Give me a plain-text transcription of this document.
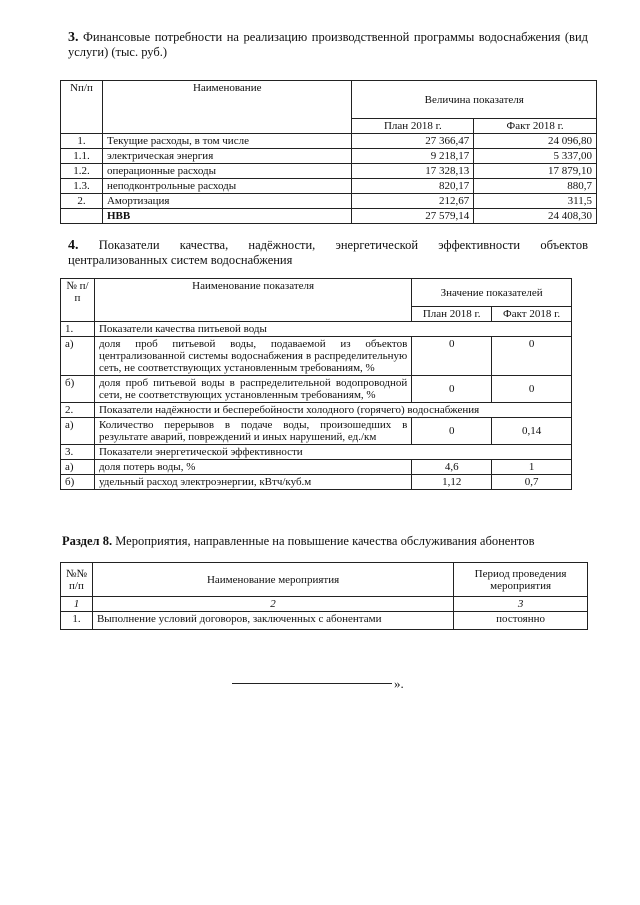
3. Финансовые потребности на реализацию производственной программы водоснабжения (вид услуги) (тыс. руб.)
Nп/п	Наименование	Величина показателя	
		План 2018 г.	Факт 2018 г.
1.	Текущие расходы, в том числе	27 366,47	24 096,80
1.1.	электрическая энергия	9 218,17	5 337,00
1.2.	операционные расходы	17 328,13	17 879,10
1.3.	неподконтрольные расходы	820,17	880,7
2.	Амортизация	212,67	311,5
	НВВ	27 579,14	24 408,30
4. Показатели качества, надёжности, энергетической эффективности объектов централизованных систем водоснабжения
№ п/п	Наименование показателя	Значение показателей	
		План 2018 г.	Факт 2018 г.
1.	Показатели качества питьевой воды		
а)	доля проб питьевой воды, подаваемой из объектов централизованной системы водоснабжения в распределительную сеть, не соответствующих установленным требованиям, %	0	0
б)	доля проб питьевой воды в распределительной водопроводной сети, не соответствующих установленным требованиям, %	0	0
2.	Показатели надёжности и бесперебойности холодного (горячего) водоснабжения		
а)	Количество перерывов в подаче воды, произошедших в результате аварий, повреждений и иных нарушений, ед./км	0	0,14
3.	Показатели энергетической эффективности		
а)	доля потерь воды, %	4,6	1
б)	удельный расход электроэнергии, кВтч/куб.м	1,12	0,7
Раздел 8. Мероприятия, направленные на повышение качества обслуживания абонентов
№№ п/п	Наименование мероприятия	Период проведения мероприятия
1	2	3
1.	Выполнение условий договоров, заключенных с абонентами	постоянно
».
